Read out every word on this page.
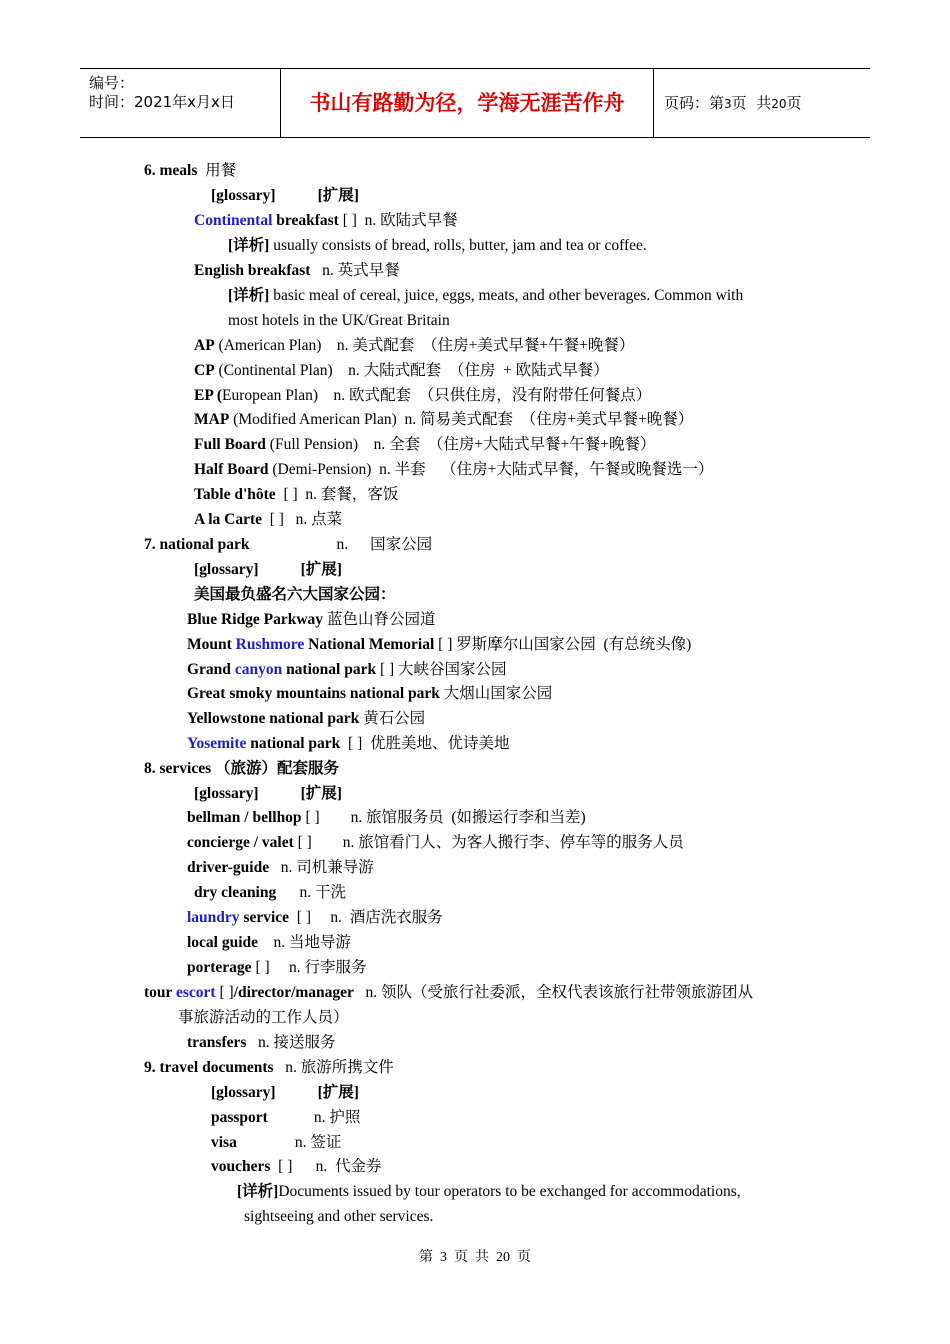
编号：
时间：2021年x月x日	书山有路勤为径，学海无涯苦作舟	页码：第3页  共20页
6. meals 用餐
[glossary]	[扩展]
Continental breakfast [ ]  n. 欧陆式早餐
[详析] usually consists of bread, rolls, butter, jam and tea or coffee.
English breakfast   n. 英式早餐
[详析] basic meal of cereal, juice, eggs, meats, and other beverages. Common with
most hotels in the UK/Great Britain
AP (American Plan)    n. 美式配套  （住房+美式早餐+午餐+晚餐）
CP (Continental Plan)    n. 大陆式配套  （住房  + 欧陆式早餐）
EP (European Plan)    n. 欧式配套  （只供住房，没有附带任何餐点）
MAP (Modified American Plan)  n. 简易美式配套  （住房+美式早餐+晚餐）
Full Board (Full Pension)    n. 全套  （住房+大陆式早餐+午餐+晚餐）
Half Board (Demi-Pension)  n. 半套    （住房+大陆式早餐，午餐或晚餐选一）
Table d'hôte  [ ]  n. 套餐，客饭
A la Carte  [ ]   n. 点菜
7. national park	n. 国家公园
[glossary]	[扩展]
美国最负盛名六大国家公园：
Blue Ridge Parkway 蓝色山脊公园道
Mount Rushmore National Memorial [ ] 罗斯摩尔山国家公园  (有总统头像)
Grand canyon national park [ ] 大峡谷国家公园
Great smoky mountains national park 大烟山国家公园
Yellowstone national park 黄石公园
Yosemite national park  [ ]  优胜美地、优诗美地
8. services （旅游）配套服务
[glossary]	[扩展]
bellman / bellhop [ ]        n. 旅馆服务员  (如搬运行李和当差)
concierge / valet [ ]        n. 旅馆看门人、为客人搬行李、停车等的服务人员
driver-guide   n. 司机兼导游
dry cleaning      n. 干洗
laundry service  [ ]     n.  酒店洗衣服务
local guide    n. 当地导游
porterage [ ]     n. 行李服务
tour escort [ ]/director/manager   n. 领队（受旅行社委派，全权代表该旅行社带领旅游团从
事旅游活动的工作人员）
transfers   n. 接送服务
9. travel documents   n. 旅游所携文件
[glossary]	[扩展]
passport	n. 护照
visa	n. 签证
vouchers  [ ]      n.  代金券
[详析]Documents issued by tour operators to be exchanged for accommodations,
sightseeing and other services.
第  3  页  共  20  页
